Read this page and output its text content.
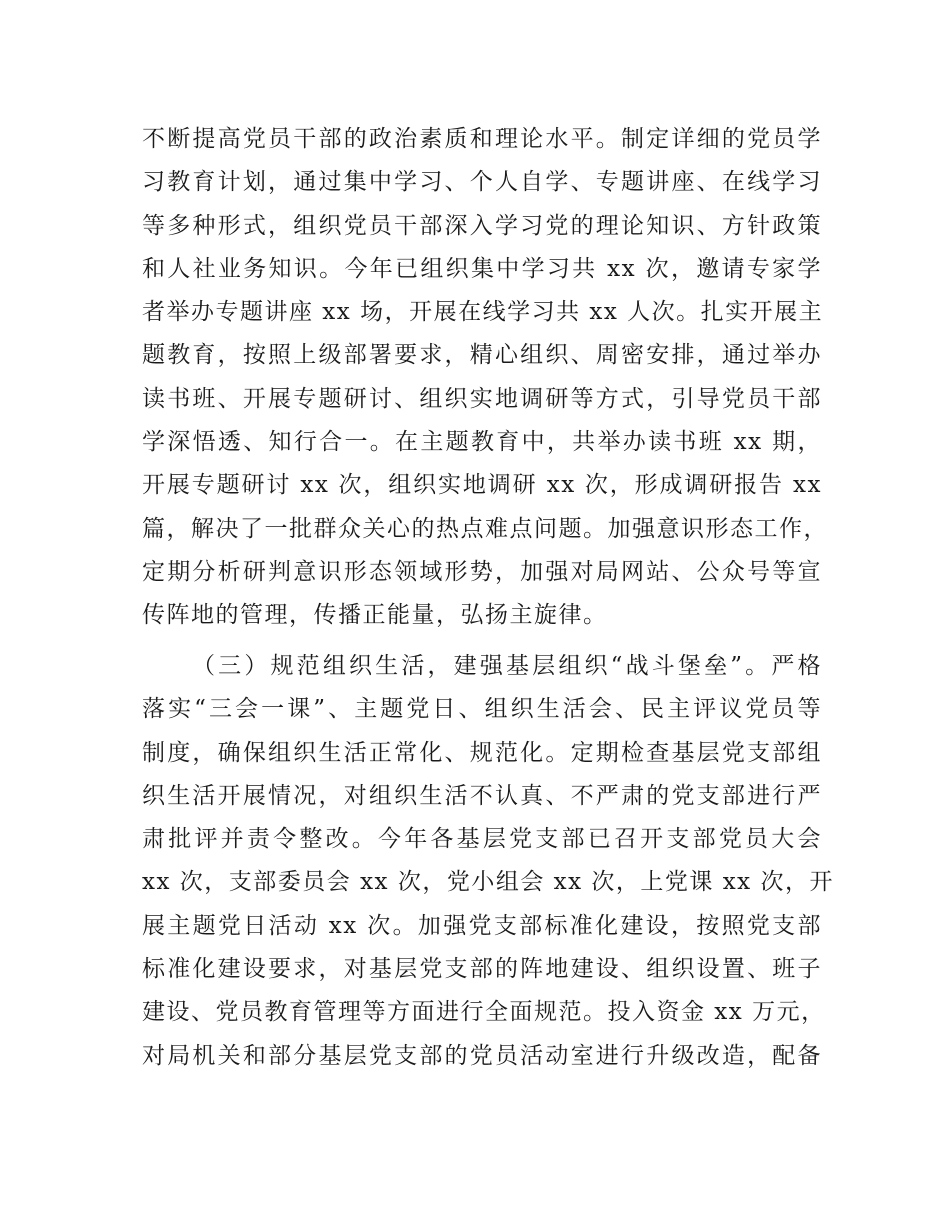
不断提高党员干部的政治素质和理论水平。制定详细的党员学
习教育计划，通过集中学习、个人自学、专题讲座、在线学习
等多种形式，组织党员干部深入学习党的理论知识、方针政策
和人社业务知识。今年已组织集中学习共 xx 次，邀请专家学
者举办专题讲座 xx 场，开展在线学习共 xx 人次。扎实开展主
题教育，按照上级部署要求，精心组织、周密安排，通过举办
读书班、开展专题研讨、组织实地调研等方式，引导党员干部
学深悟透、知行合一。在主题教育中，共举办读书班 xx 期，
开展专题研讨 xx 次，组织实地调研 xx 次，形成调研报告 xx
篇，解决了一批群众关心的热点难点问题。加强意识形态工作，
定期分析研判意识形态领域形势，加强对局网站、公众号等宣
传阵地的管理，传播正能量，弘扬主旋律。
（三）规范组织生活，建强基层组织“战斗堡垒”。严格
落实“三会一课”、主题党日、组织生活会、民主评议党员等
制度，确保组织生活正常化、规范化。定期检查基层党支部组
织生活开展情况，对组织生活不认真、不严肃的党支部进行严
肃批评并责令整改。今年各基层党支部已召开支部党员大会
xx 次，支部委员会 xx 次，党小组会 xx 次，上党课 xx 次，开
展主题党日活动 xx 次。加强党支部标准化建设，按照党支部
标准化建设要求，对基层党支部的阵地建设、组织设置、班子
建设、党员教育管理等方面进行全面规范。投入资金 xx 万元，
对局机关和部分基层党支部的党员活动室进行升级改造，配备
